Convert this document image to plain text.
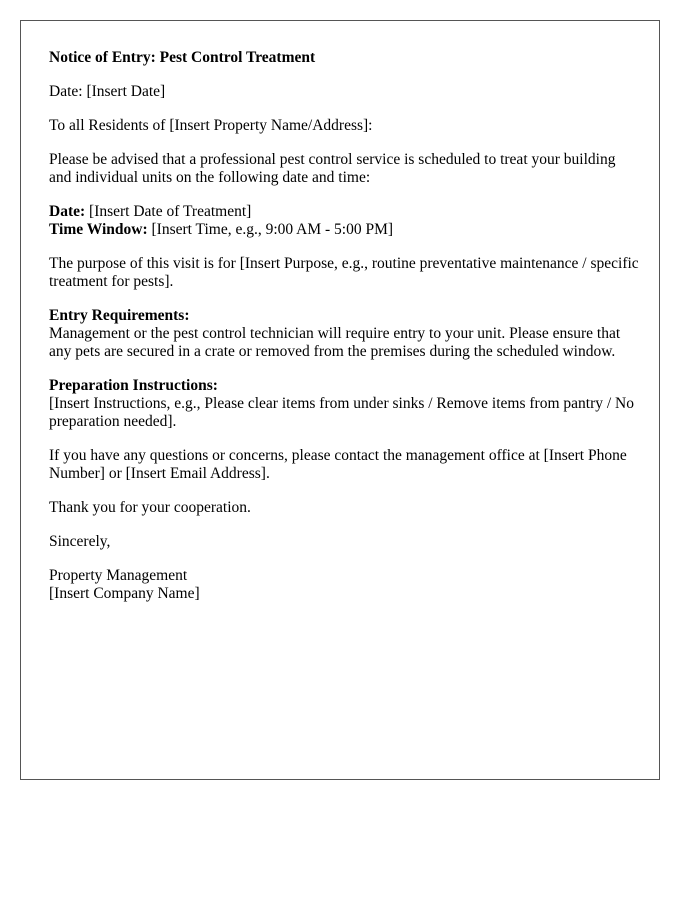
Notice of Entry: Pest Control Treatment

Date: [Insert Date]

To all Residents of [Insert Property Name/Address]:

Please be advised that a professional pest control service is scheduled to treat your building and individual units on the following date and time:

Date: [Insert Date of Treatment]
Time Window: [Insert Time, e.g., 9:00 AM - 5:00 PM]

The purpose of this visit is for [Insert Purpose, e.g., routine preventative maintenance / specific treatment for pests].

Entry Requirements:
Management or the pest control technician will require entry to your unit. Please ensure that any pets are secured in a crate or removed from the premises during the scheduled window.

Preparation Instructions:
[Insert Instructions, e.g., Please clear items from under sinks / Remove items from pantry / No preparation needed].

If you have any questions or concerns, please contact the management office at [Insert Phone Number] or [Insert Email Address].

Thank you for your cooperation.

Sincerely,

Property Management
[Insert Company Name]
